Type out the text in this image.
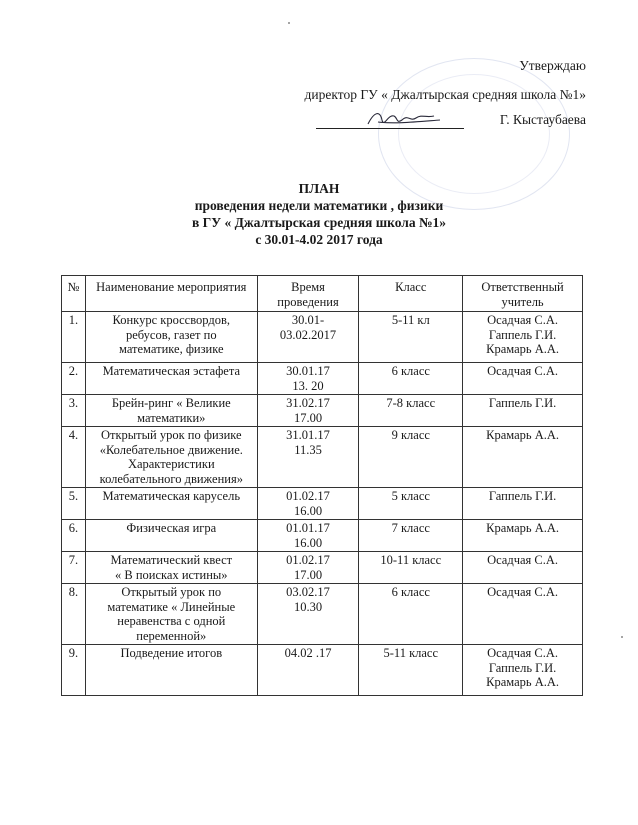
Утверждаю
директор ГУ « Джалтырская средняя школа №1»
Г. Кыстаубаева
ПЛАН
проведения недели математики , физики
в ГУ « Джалтырская средняя школа №1»
с 30.01-4.02 2017 года
№	Наименование мероприятия	Время
проведения	Класс	Ответственный
учитель

1.	Конкурс кроссвордов,
ребусов, газет по
математике, физике	30.01-
03.02.2017	5-11 кл	Осадчая С.А.
Гаппель Г.И.
Крамарь А.А.

2.	Математическая эстафета	30.01.17
13. 20	6 класс	Осадчая С.А.

3.	Брейн-ринг « Великие
математики»	31.02.17
17.00	7-8 класс	Гаппель Г.И.

4.	Открытый урок по физике
«Колебательное движение.
Характеристики
колебательного движения»	31.01.17
11.35	9 класс	Крамарь А.А.

5.	Математическая карусель	01.02.17
16.00	5 класс	Гаппель Г.И.

6.	Физическая игра	01.01.17
16.00	7 класс	Крамарь А.А.

7.	Математический квест
« В поисках истины»	01.02.17
17.00	10-11 класс	Осадчая С.А.

8.	Открытый урок по
математике « Линейные
неравенства с одной
переменной»	03.02.17
10.30	6 класс	Осадчая С.А.

9.	Подведение итогов	04.02 .17	5-11 класс	Осадчая С.А.
Гаппель Г.И.
Крамарь А.А.
